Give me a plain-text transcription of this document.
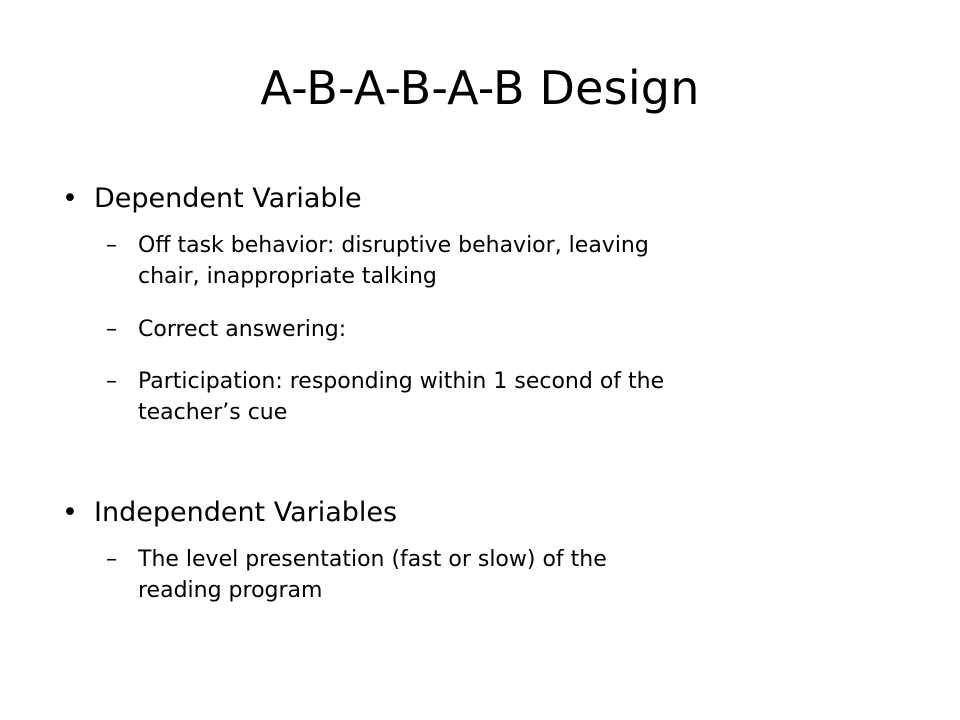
A-B-A-B-A-B Design
• Dependent Variable
– Off task behavior: disruptive behavior, leaving
chair, inappropriate talking
– Correct answering:
– Participation: responding within 1 second of the
teacher’s cue
• Independent Variables
– The level presentation (fast or slow) of the
reading program
